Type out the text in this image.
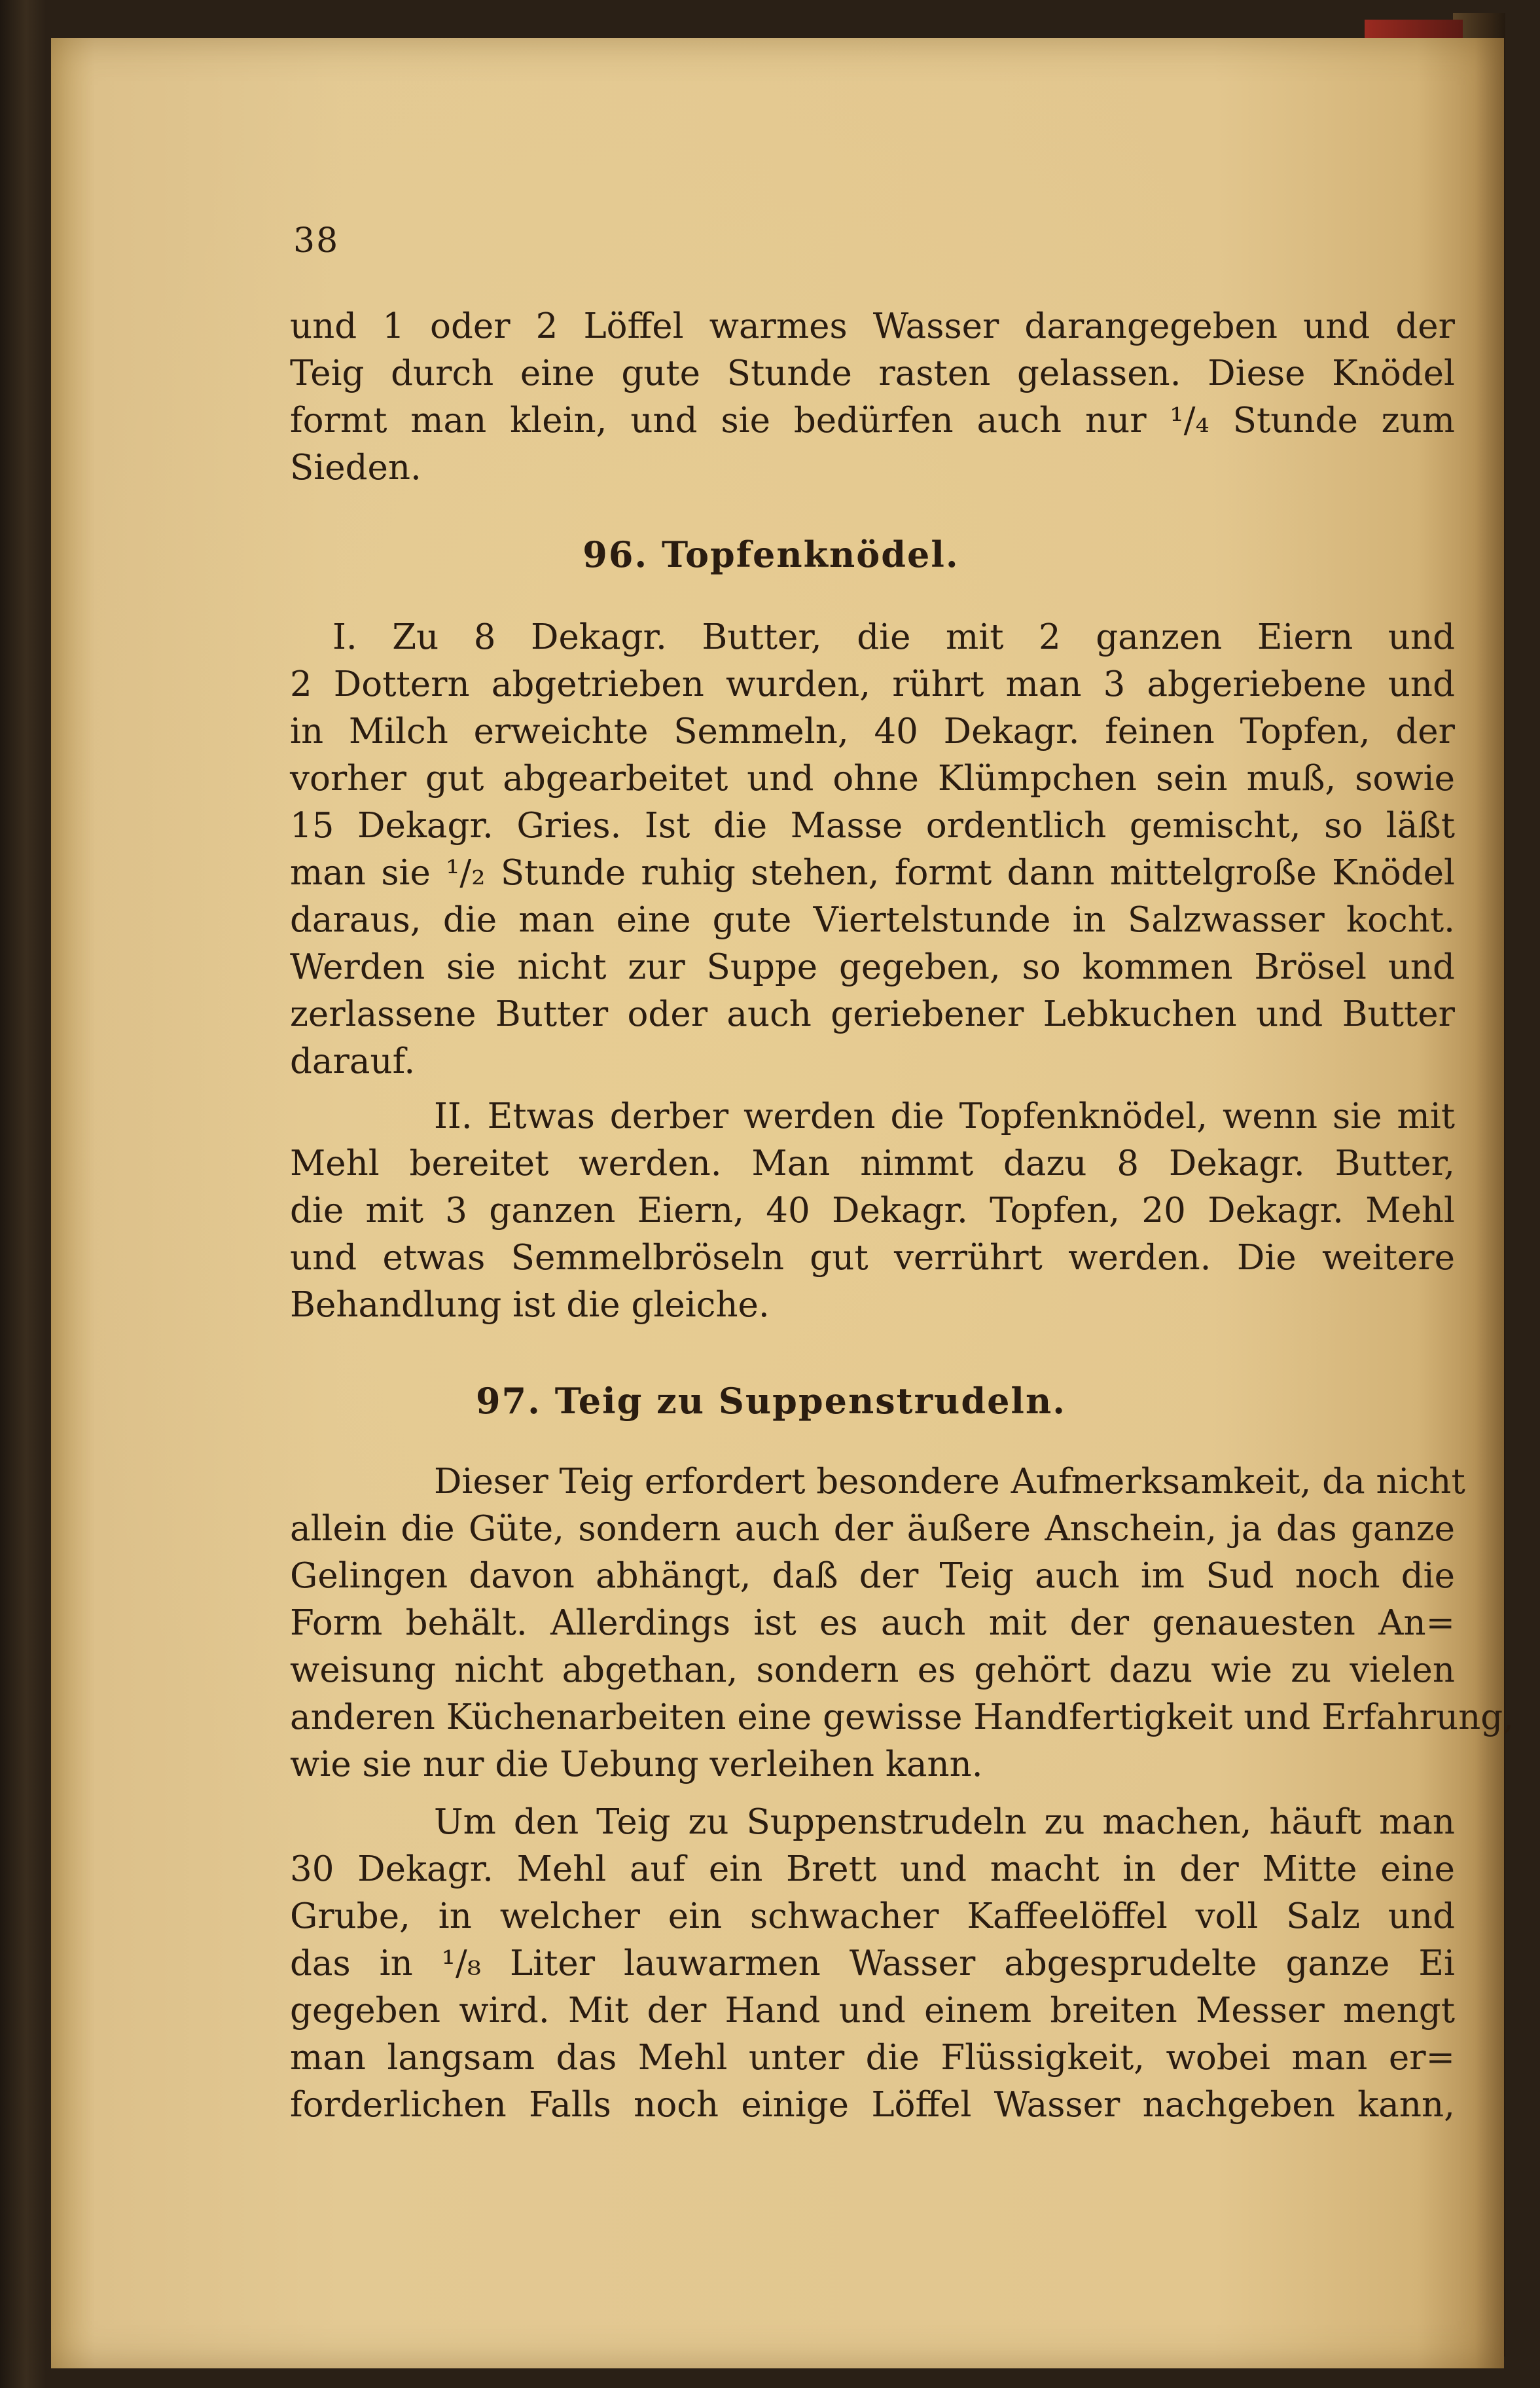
38
und 1 oder 2 Löffel warmes Wasser darangegeben und der
Teig durch eine gute Stunde rasten gelassen. Diese Knödel
formt man klein, und sie bedürfen auch nur ¹/₄ Stunde zum
Sieden.
96. Topfenknödel.
I. Zu 8 Dekagr. Butter, die mit 2 ganzen Eiern und
2 Dottern abgetrieben wurden, rührt man 3 abgeriebene und
in Milch erweichte Semmeln, 40 Dekagr. feinen Topfen, der
vorher gut abgearbeitet und ohne Klümpchen sein muß, sowie
15 Dekagr. Gries. Ist die Masse ordentlich gemischt, so läßt
man sie ¹/₂ Stunde ruhig stehen, formt dann mittelgroße Knödel
daraus, die man eine gute Viertelstunde in Salzwasser kocht.
Werden sie nicht zur Suppe gegeben, so kommen Brösel und
zerlassene Butter oder auch geriebener Lebkuchen und Butter
darauf.
II. Etwas derber werden die Topfenknödel, wenn sie mit
Mehl bereitet werden. Man nimmt dazu 8 Dekagr. Butter,
die mit 3 ganzen Eiern, 40 Dekagr. Topfen, 20 Dekagr. Mehl
und etwas Semmelbröseln gut verrührt werden. Die weitere
Behandlung ist die gleiche.
97. Teig zu Suppenstrudeln.
Dieser Teig erfordert besondere Aufmerksamkeit, da nicht
allein die Güte, sondern auch der äußere Anschein, ja das ganze
Gelingen davon abhängt, daß der Teig auch im Sud noch die
Form behält. Allerdings ist es auch mit der genauesten An=
weisung nicht abgethan, sondern es gehört dazu wie zu vielen
anderen Küchenarbeiten eine gewisse Handfertigkeit und Erfahrung,
wie sie nur die Uebung verleihen kann.
Um den Teig zu Suppenstrudeln zu machen, häuft man
30 Dekagr. Mehl auf ein Brett und macht in der Mitte eine
Grube, in welcher ein schwacher Kaffeelöffel voll Salz und
das in ¹/₈ Liter lauwarmen Wasser abgesprudelte ganze Ei
gegeben wird. Mit der Hand und einem breiten Messer mengt
man langsam das Mehl unter die Flüssigkeit, wobei man er=
forderlichen Falls noch einige Löffel Wasser nachgeben kann,
